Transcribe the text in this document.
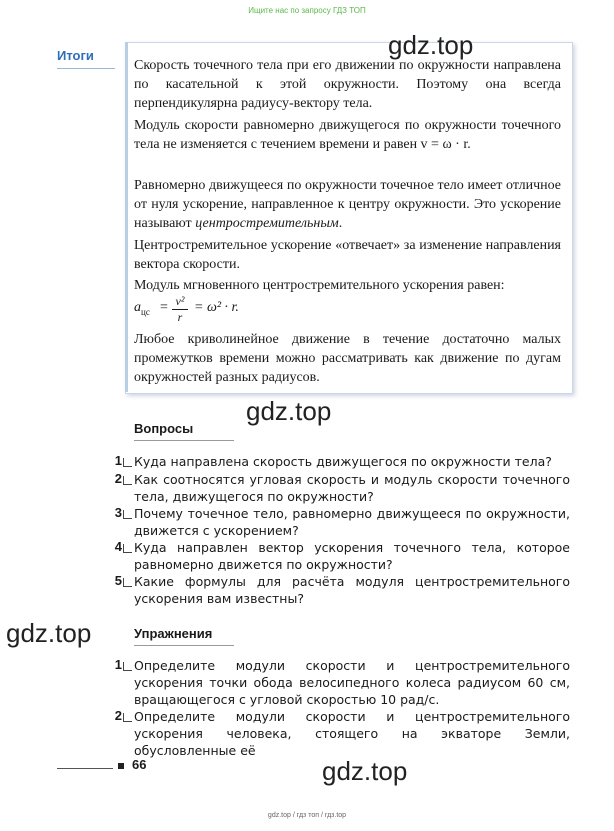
Ищите нас по запросу ГДЗ ТОП
Итоги	gdz.top
Скорость точечного тела при его движении по окружности направлена по касательной к этой окружности. Поэтому она всегда перпендикулярна радиусу-вектору тела.
Модуль скорости равномерно движущегося по окружности точечного тела не изменяется с течением времени и равен v = ω · r.
Равномерно движущееся по окружности точечное тело имеет отличное от нуля ускорение, направленное к центру окружности. Это ускорение называют центростремительным.
Центростремительное ускорение «отвечает» за изменение направления вектора скорости.
Модуль мгновенного центростремительного ускорения равен:
$a_{цс} = \frac{\text{v²}}{r} = \omega^2 \cdot r$.
Любое криволинейное движение в течение достаточно малых промежутков времени можно рассматривать как движение по дугам окружностей разных радиусов.
gdz.top
Вопросы
1 Куда направлена скорость движущегося по окружности тела?
2 Как соотносятся угловая скорость и модуль скорости точечного тела, движущегося по окружности?
3 Почему точечное тело, равномерно движущееся по окружности, движется с ускорением?
4 Куда направлен вектор ускорения точечного тела, которое равномерно движется по окружности?
5 Какие формулы для расчёта модуля центростремительного ускорения вам известны?
gdz.top	Упражнения
1 Определите модули скорости и центростремительного ускорения точки обода велосипедного колеса радиусом 60 см, вращающегося с угловой скоростью 10 рад/с.
2 Определите модули скорости и центростремительного ускорения человека, стоящего на экваторе Земли, обусловленные её
66	gdz.top
gdz.top / гдз топ / гдз.top
